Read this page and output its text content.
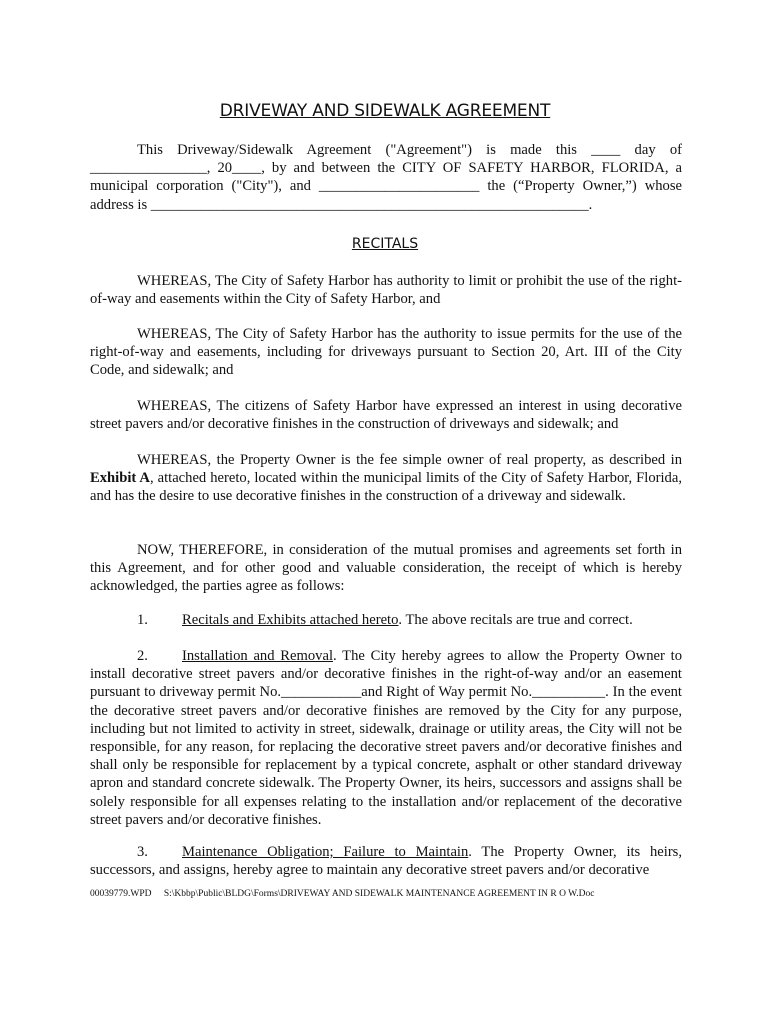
DRIVEWAY AND SIDEWALK AGREEMENT
This Driveway/Sidewalk Agreement ("Agreement") is made this ____ day of ________________, 20____, by and between the CITY OF SAFETY HARBOR, FLORIDA, a municipal corporation ("City"), and ______________________ the (“Property Owner,”) whose address is ____________________________________________________________.
RECITALS
WHEREAS, The City of Safety Harbor has authority to limit or prohibit the use of the right-of-way and easements within the City of Safety Harbor, and
WHEREAS, The City of Safety Harbor has the authority to issue permits for the use of the right-of-way and easements, including for driveways pursuant to Section 20, Art. III of the City Code, and sidewalk; and
WHEREAS, The citizens of Safety Harbor have expressed an interest in using decorative street pavers and/or decorative finishes in the construction of driveways and sidewalk; and
WHEREAS, the Property Owner is the fee simple owner of real property, as described in Exhibit A, attached hereto, located within the municipal limits of the City of Safety Harbor, Florida, and has the desire to use decorative finishes in the construction of a driveway and sidewalk.
NOW, THEREFORE, in consideration of the mutual promises and agreements set forth in this Agreement, and for other good and valuable consideration, the receipt of which is hereby acknowledged, the parties agree as follows:
1. Recitals and Exhibits attached hereto. The above recitals are true and correct.
2. Installation and Removal. The City hereby agrees to allow the Property Owner to install decorative street pavers and/or decorative finishes in the right-of-way and/or an easement pursuant to driveway permit No.___________and Right of Way permit No.__________. In the event the decorative street pavers and/or decorative finishes are removed by the City for any purpose, including but not limited to activity in street, sidewalk, drainage or utility areas, the City will not be responsible, for any reason, for replacing the decorative street pavers and/or decorative finishes and shall only be responsible for replacement by a typical concrete, asphalt or other standard driveway apron and standard concrete sidewalk. The Property Owner, its heirs, successors and assigns shall be solely responsible for all expenses relating to the installation and/or replacement of the decorative street pavers and/or decorative finishes.
3. Maintenance Obligation; Failure to Maintain. The Property Owner, its heirs, successors, and assigns, hereby agree to maintain any decorative street pavers and/or decorative
00039779.WPD S:\Kbbp\Public\BLDG\Forms\DRIVEWAY AND SIDEWALK MAINTENANCE AGREEMENT IN R O W.Doc
